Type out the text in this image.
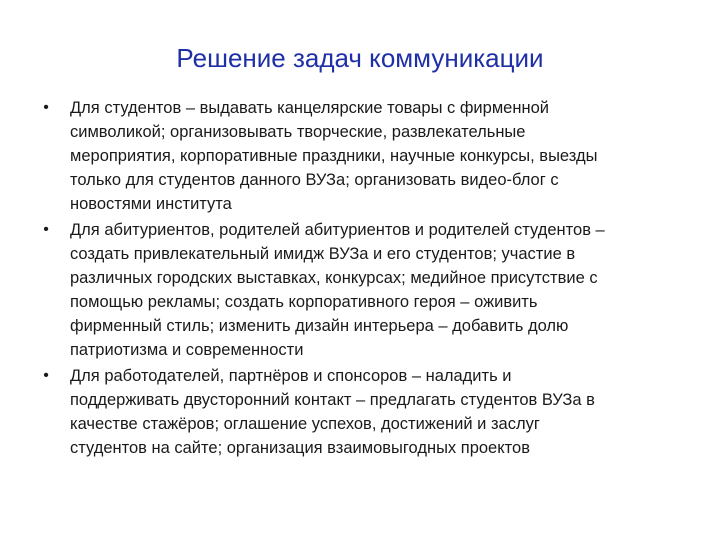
Решение задач коммуникации
•	Для студентов – выдавать канцелярские товары с фирменной
символикой; организовывать творческие, развлекательные
мероприятия, корпоративные праздники, научные конкурсы, выезды
только для студентов данного ВУЗа; организовать видео-блог с
новостями института
•	Для абитуриентов, родителей абитуриентов и родителей студентов –
создать привлекательный имидж ВУЗа и его студентов; участие в
различных городских выставках, конкурсах; медийное присутствие с
помощью рекламы; создать корпоративного героя – оживить
фирменный стиль; изменить дизайн интерьера – добавить долю
патриотизма и современности
•	Для работодателей, партнёров и спонсоров – наладить и
поддерживать двусторонний контакт – предлагать студентов ВУЗа в
качестве стажёров; оглашение успехов, достижений и заслуг
студентов на сайте; организация взаимовыгодных проектов
